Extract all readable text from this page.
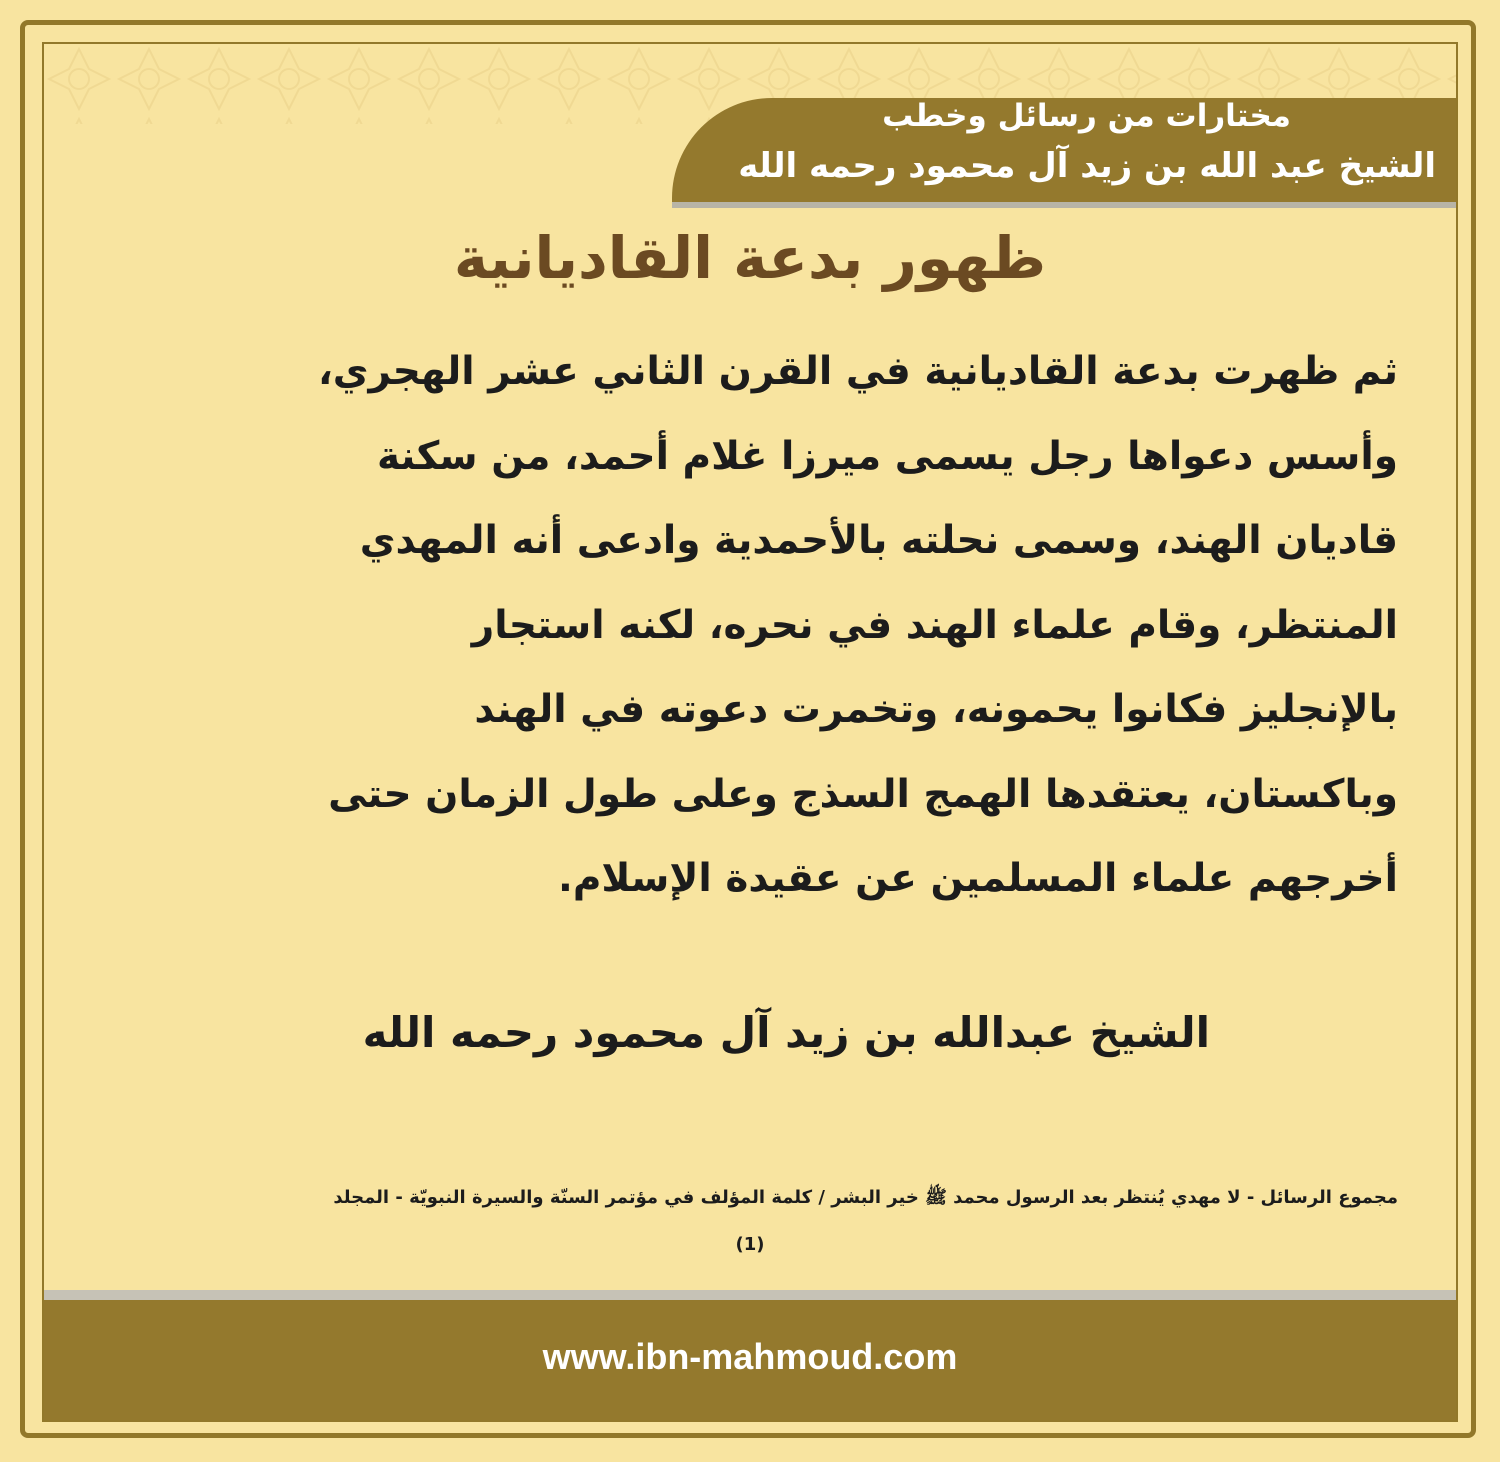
مختارات من رسائل وخطب
الشيخ عبد الله بن زيد آل محمود رحمه الله
ظهور بدعة القاديانية
ثم ظهرت بدعة القاديانية في القرن الثاني عشر الهجري،
وأسس دعواها رجل يسمى ميرزا غلام أحمد، من سكنة
قاديان الهند، وسمى نحلته بالأحمدية وادعى أنه المهدي
المنتظر، وقام علماء الهند في نحره، لكنه استجار
بالإنجليز فكانوا يحمونه، وتخمرت دعوته في الهند
وباكستان، يعتقدها الهمج السذج وعلى طول الزمان حتى
أخرجهم علماء المسلمين عن عقيدة الإسلام.
الشيخ عبدالله بن زيد آل محمود رحمه الله
مجموع الرسائل - لا مهدي يُنتظر بعد الرسول محمد ﷺ خير البشر / كلمة المؤلف في مؤتمر السنّة والسيرة النبويّة - المجلد
(1)
www.ibn-mahmoud.com
